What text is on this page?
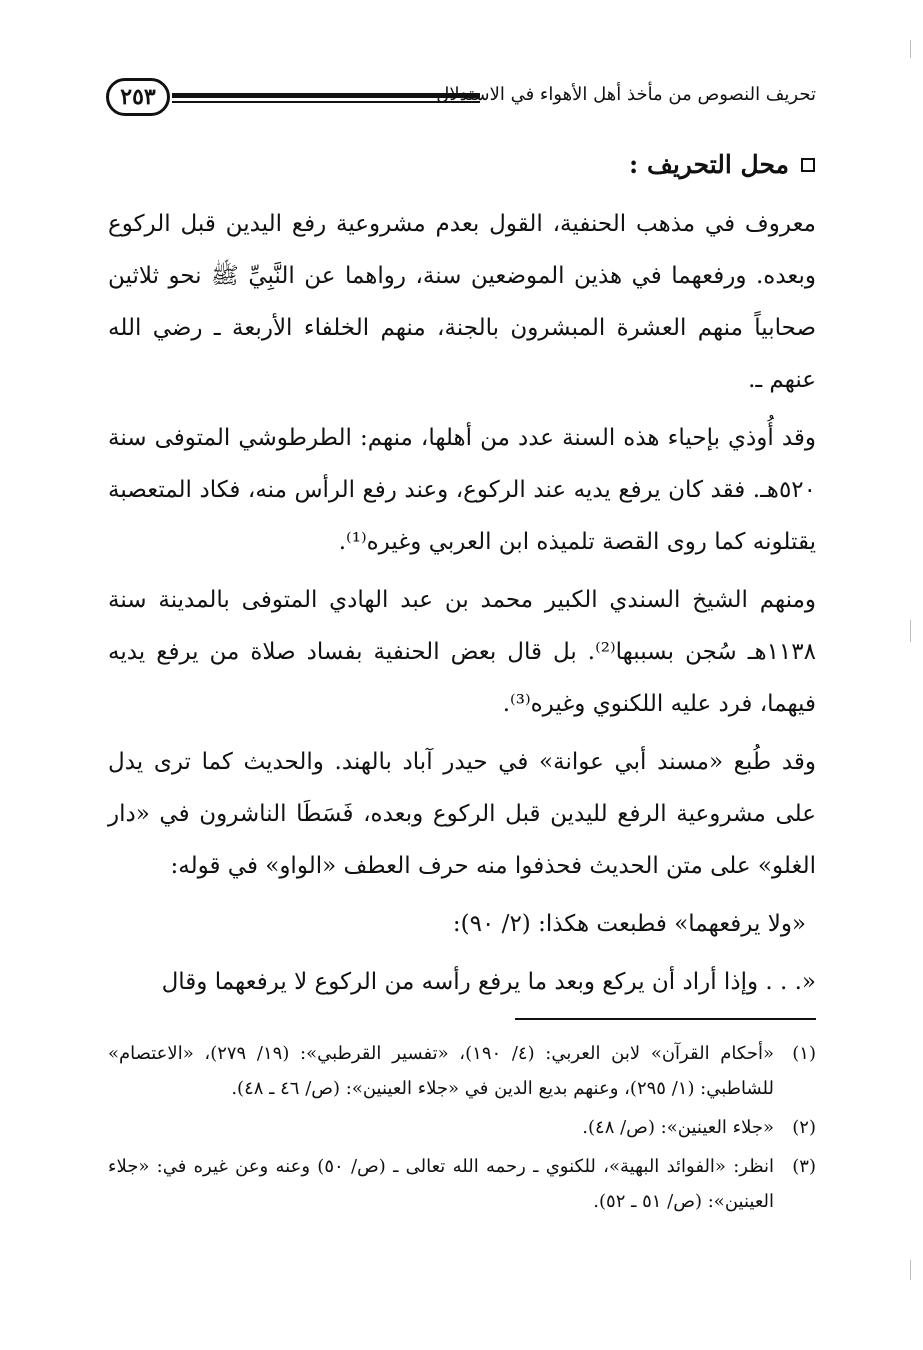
٢٥٣	تحريف النصوص من مأخذ أهل الأهواء في الاستدلال
محل التحريف :

معروف في مذهب الحنفية، القول بعدم مشروعية رفع اليدين قبل الركوع وبعده. ورفعهما في هذين الموضعين سنة، رواهما عن النَّبِيِّ ﷺ نحو ثلاثين صحابياً منهم العشرة المبشرون بالجنة، منهم الخلفاء الأربعة ـ رضي الله عنهم ـ.

وقد أُوذي بإحياء هذه السنة عدد من أهلها، منهم: الطرطوشي المتوفى سنة ٥٢٠هـ. فقد كان يرفع يديه عند الركوع، وعند رفع الرأس منه، فكاد المتعصبة يقتلونه كما روى القصة تلميذه ابن العربي وغيره⁽¹⁾.

ومنهم الشيخ السندي الكبير محمد بن عبد الهادي المتوفى بالمدينة سنة ١١٣٨هـ سُجن بسببها⁽²⁾. بل قال بعض الحنفية بفساد صلاة من يرفع يديه فيهما، فرد عليه اللكنوي وغيره⁽³⁾.

وقد طُبع «مسند أبي عوانة» في حيدر آباد بالهند. والحديث كما ترى يدل على مشروعية الرفع لليدين قبل الركوع وبعده، فَسَطَا الناشرون في «دار الغلو» على متن الحديث فحذفوا منه حرف العطف «الواو» في قوله:

«ولا يرفعهما» فطبعت هكذا: (٢/ ٩٠):

«. . . وإذا أراد أن يركع وبعد ما يرفع رأسه من الركوع لا يرفعهما وقال

(١)
«أحكام القرآن» لابن العربي: (٤/ ١٩٠)، «تفسير القرطبي»: (١٩/ ٢٧٩)، «الاعتصام» للشاطبي: (١/ ٢٩٥)، وعنهم بديع الدين في «جلاء العينين»: (ص/ ٤٦ ـ ٤٨).
(٢)
«جلاء العينين»: (ص/ ٤٨).
(٣)
انظر: «الفوائد البهية»، للكنوي ـ رحمه الله تعالى ـ (ص/ ٥٠) وعنه وعن غيره في: «جلاء العينين»: (ص/ ٥١ ـ ٥٢).
